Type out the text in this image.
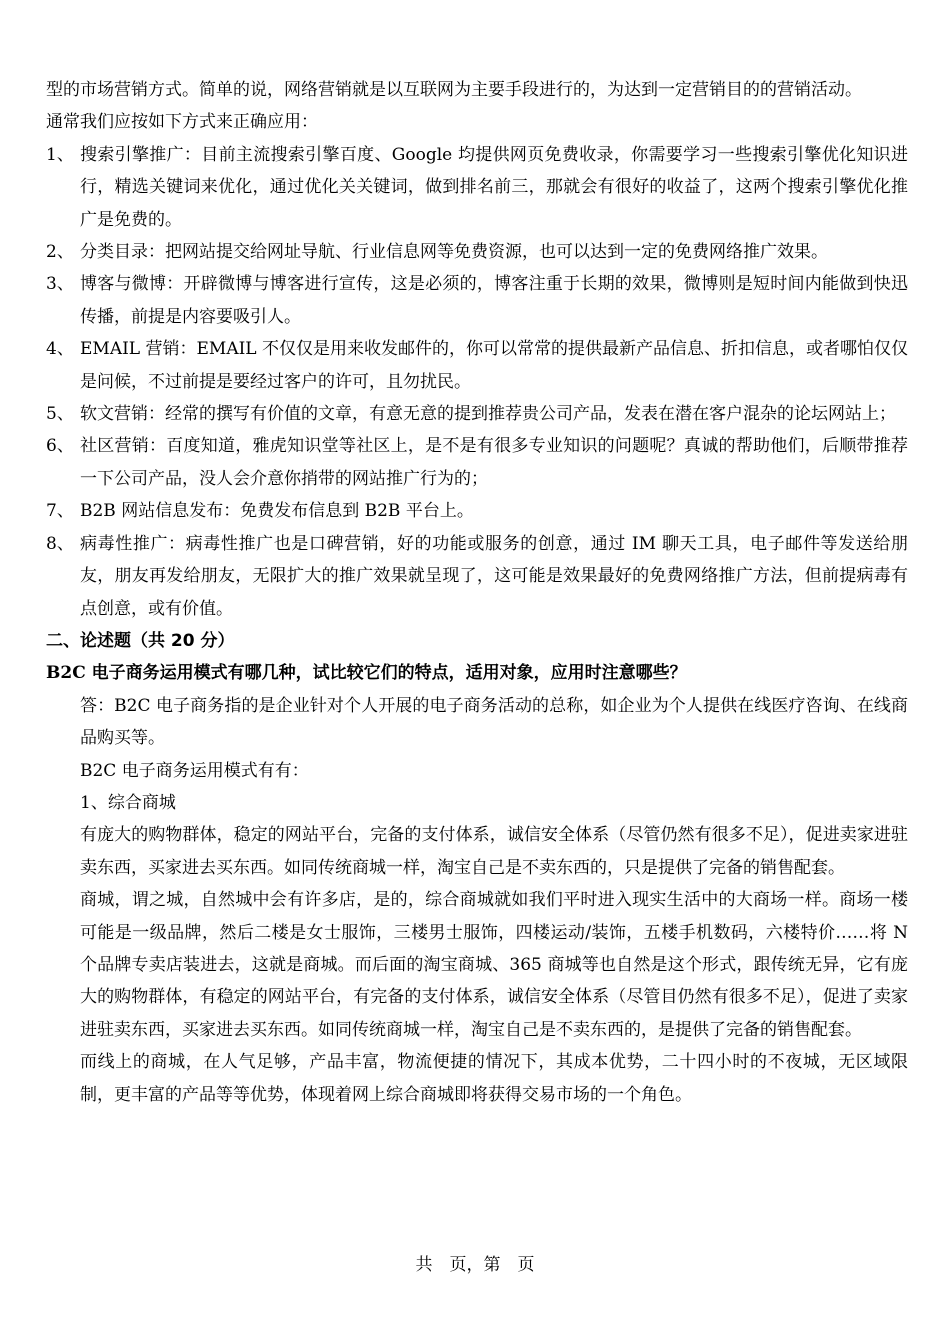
型的市场营销方式。简单的说，网络营销就是以互联网为主要手段进行的，为达到一定营销目的的营销活动。

通常我们应按如下方式来正确应用：

1、 搜索引擎推广：目前主流搜索引擎百度、Google 均提供网页免费收录，你需要学习一些搜索引擎优化知识进行，精选关键词来优化，通过优化关关键词，做到排名前三，那就会有很好的收益了，这两个搜索引擎优化推广是免费的。
2、 分类目录：把网站提交给网址导航、行业信息网等免费资源，也可以达到一定的免费网络推广效果。
3、 博客与微博：开辟微博与博客进行宣传，这是必须的，博客注重于长期的效果，微博则是短时间内能做到快迅传播，前提是内容要吸引人。
4、 EMAIL 营销：EMAIL 不仅仅是用来收发邮件的，你可以常常的提供最新产品信息、折扣信息，或者哪怕仅仅是问候，不过前提是要经过客户的许可，且勿扰民。
5、 软文营销：经常的撰写有价值的文章，有意无意的提到推荐贵公司产品，发表在潜在客户混杂的论坛网站上；
6、 社区营销：百度知道，雅虎知识堂等社区上，是不是有很多专业知识的问题呢？真诚的帮助他们，后顺带推荐一下公司产品，没人会介意你捎带的网站推广行为的；
7、 B2B 网站信息发布：免费发布信息到 B2B 平台上。
8、 病毒性推广：病毒性推广也是口碑营销，好的功能或服务的创意，通过 IM 聊天工具，电子邮件等发送给朋友，朋友再发给朋友，无限扩大的推广效果就呈现了，这可能是效果最好的免费网络推广方法，但前提病毒有点创意，或有价值。

二、论述题（共 20 分）

B2C 电子商务运用模式有哪几种，试比较它们的特点，适用对象，应用时注意哪些？

答：B2C 电子商务指的是企业针对个人开展的电子商务活动的总称，如企业为个人提供在线医疗咨询、在线商品购买等。

B2C 电子商务运用模式有有：

1、综合商城

有庞大的购物群体，稳定的网站平台，完备的支付体系，诚信安全体系（尽管仍然有很多不足），促进卖家进驻卖东西，买家进去买东西。如同传统商城一样，淘宝自己是不卖东西的，只是提供了完备的销售配套。

商城，谓之城，自然城中会有许多店，是的，综合商城就如我们平时进入现实生活中的大商场一样。商场一楼可能是一级品牌，然后二楼是女士服饰，三楼男士服饰，四楼运动/装饰，五楼手机数码，六楼特价……将 N 个品牌专卖店装进去，这就是商城。而后面的淘宝商城、365 商城等也自然是这个形式，跟传统无异，它有庞大的购物群体，有稳定的网站平台，有完备的支付体系，诚信安全体系（尽管目仍然有很多不足），促进了卖家进驻卖东西，买家进去买东西。如同传统商城一样，淘宝自己是不卖东西的，是提供了完备的销售配套。

而线上的商城，在人气足够，产品丰富，物流便捷的情况下，其成本优势，二十四小时的不夜城，无区域限制，更丰富的产品等等优势，体现着网上综合商城即将获得交易市场的一个角色。

共　页，第　页
